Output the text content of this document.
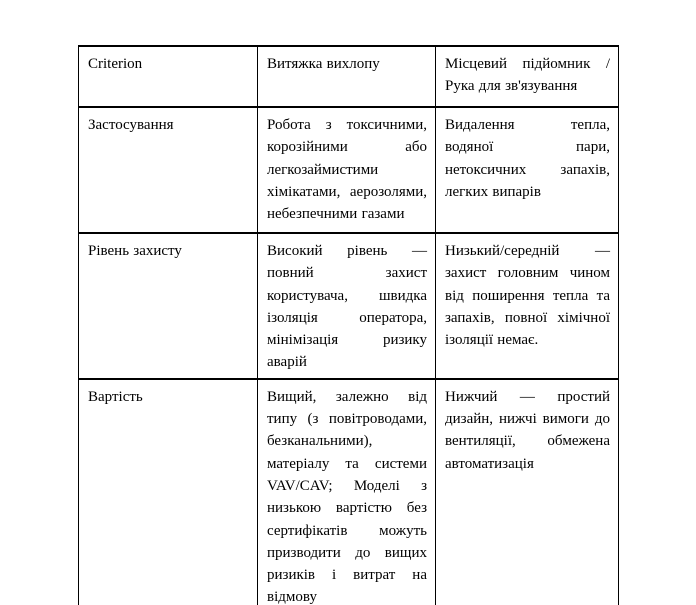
Criterion	Витяжка вихлопу	Місцевий підйомник / Рука для зв'язування
Застосування	Робота з токсичними, корозійними або легкозаймистими хімікатами, аерозолями, небезпечними газами	Видалення тепла, водяної пари, нетоксичних запахів, легких випарів
Рівень захисту	Високий рівень — повний захист користувача, швидка ізоляція оператора, мінімізація ризику аварій	Низький/середній — захист головним чином від поширення тепла та запахів, повної хімічної ізоляції немає.
Вартість	Вищий, залежно від типу (з повітроводами, безканальними), матеріалу та системи VAV/CAV; Моделі з низькою вартістю без сертифікатів можуть призводити до вищих ризиків і витрат на відмову	Нижчий — простий дизайн, нижчі вимоги до вентиляції, обмежена автоматизація
